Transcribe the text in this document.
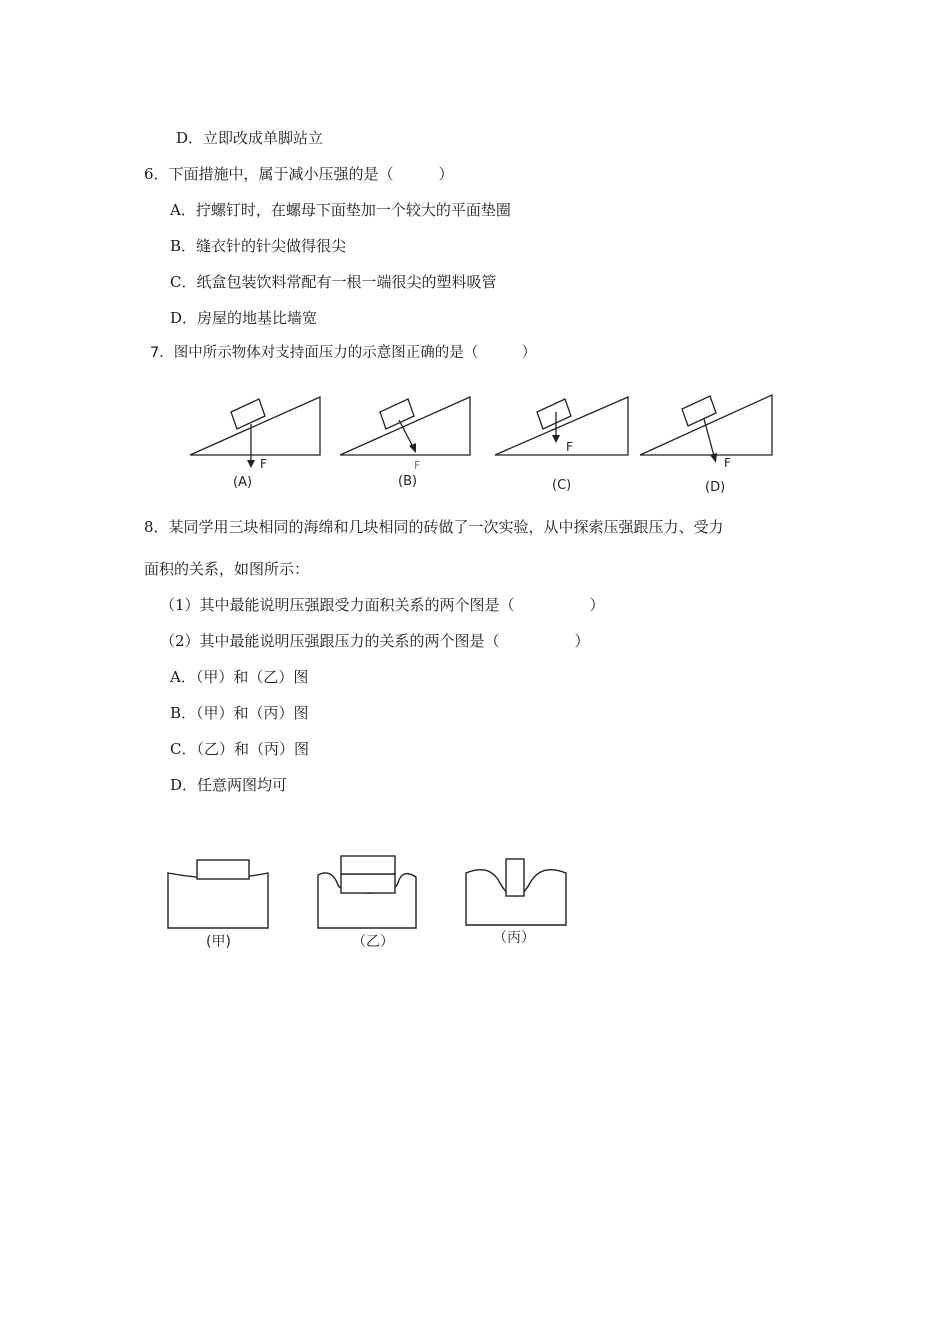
D．立即改成单脚站立
6．下面措施中，属于减小压强的是（　　　）
A．拧螺钉时，在螺母下面垫加一个较大的平面垫圈
B．缝衣针的针尖做得很尖
C．纸盒包装饮料常配有一根一端很尖的塑料吸管
D．房屋的地基比墙宽
7．图中所示物体对支持面压力的示意图正确的是（　　　）
F
(A)
F
(B)
F
(C)
F
(D)
8．某同学用三块相同的海绵和几块相同的砖做了一次实验，从中探索压强跟压力、受力
面积的关系，如图所示：
（1）其中最能说明压强跟受力面积关系的两个图是（　　　　　）
（2）其中最能说明压强跟压力的关系的两个图是（　　　　　）
A．（甲）和（乙）图
B．（甲）和（丙）图
C．（乙）和（丙）图
D．任意两图均可
(甲)	（乙）	（丙）
